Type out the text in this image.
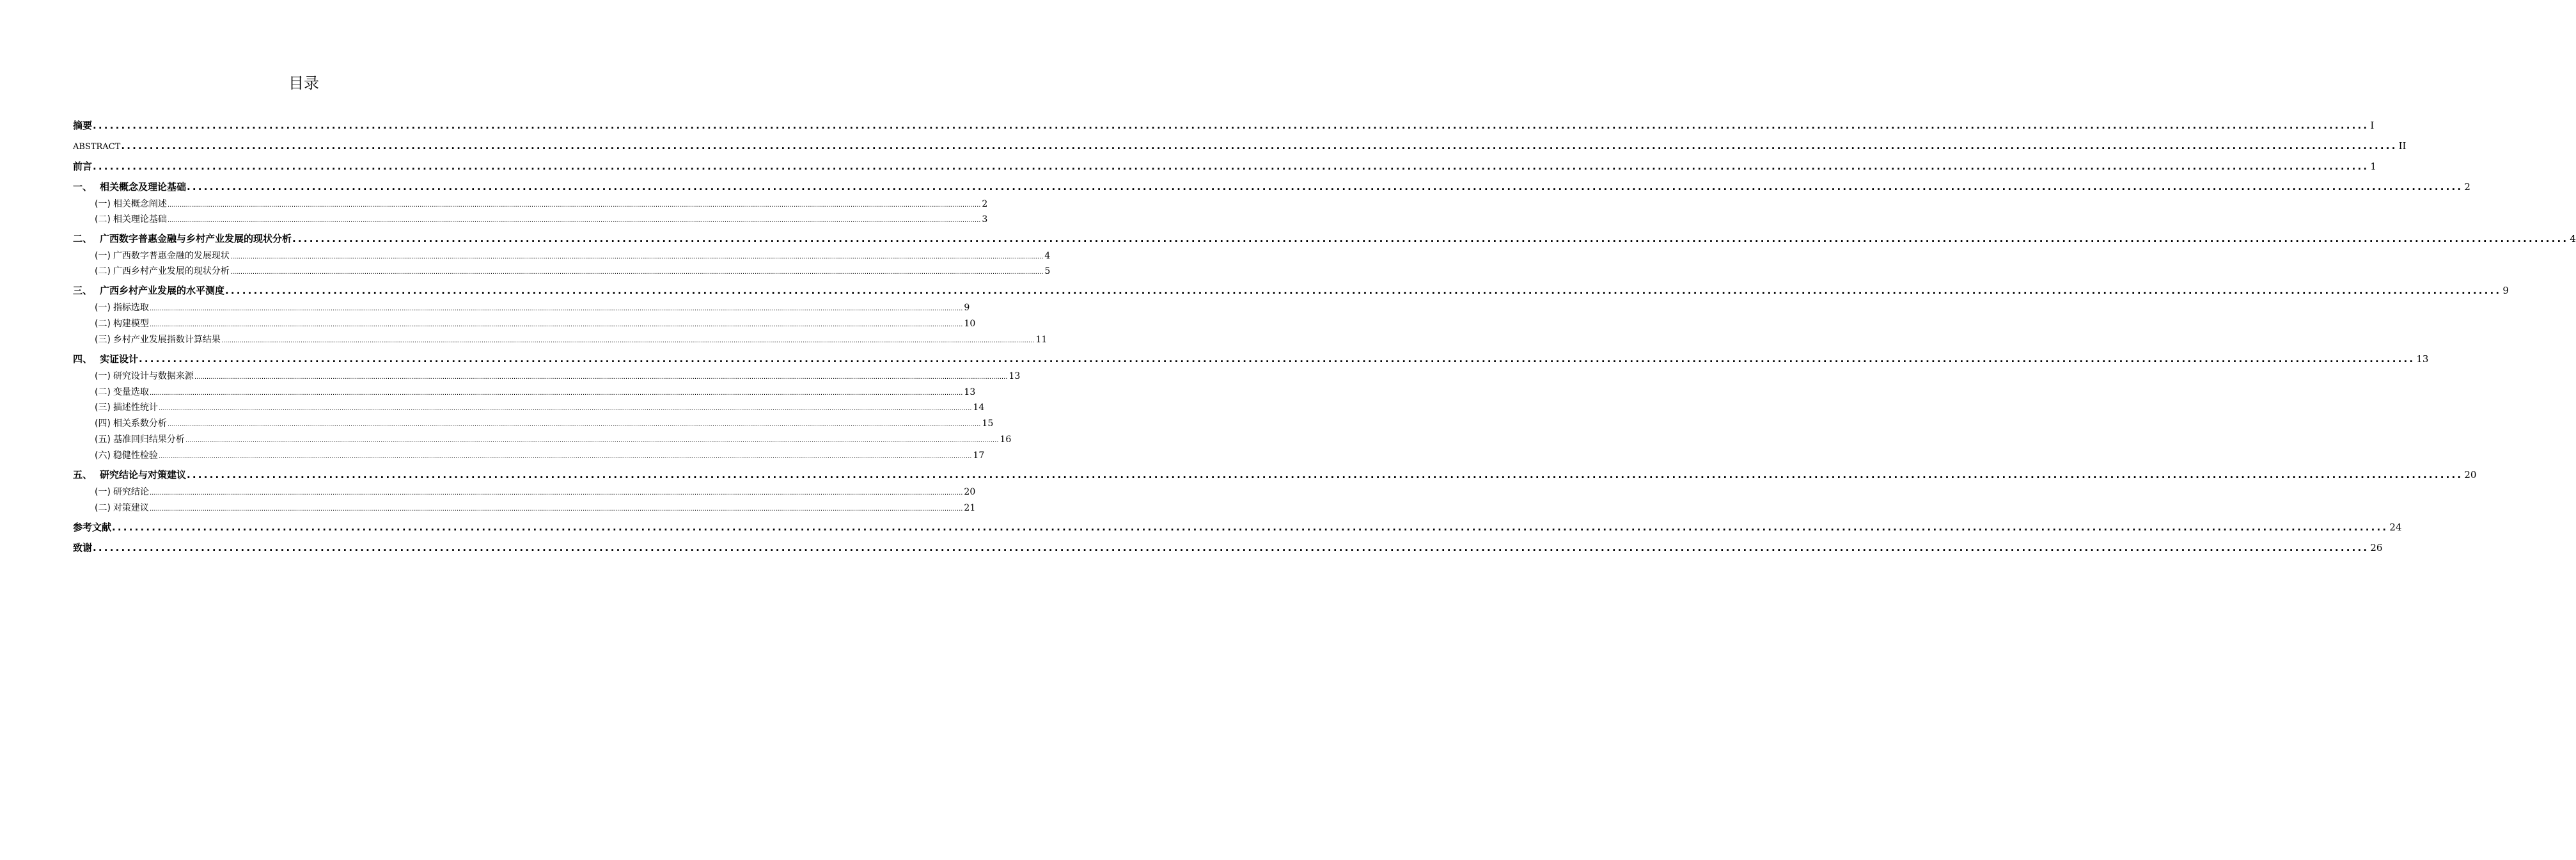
目录
摘要 ................................................................................................................................................................................................................................................................................................................................................................................................................ I
ABSTRACT ................................................................................................................................................................................................................................................................................................................................................................................................................ II
前言 ................................................................................................................................................................................................................................................................................................................................................................................................................ 1
一、 相关概念及理论基础 ................................................................................................................................................................................................................................................................................................................................................................................................................ 2
(一) 相关概念阐述 ................................................................................................................................................................................................................................................................................................................................................................................................................ 2
(二) 相关理论基础 ................................................................................................................................................................................................................................................................................................................................................................................................................ 3
二、 广西数字普惠金融与乡村产业发展的现状分析 ................................................................................................................................................................................................................................................................................................................................................................................................................ 4
(一) 广西数字普惠金融的发展现状 ................................................................................................................................................................................................................................................................................................................................................................................................................ 4
(二) 广西乡村产业发展的现状分析 ................................................................................................................................................................................................................................................................................................................................................................................................................ 5
三、 广西乡村产业发展的水平测度 ................................................................................................................................................................................................................................................................................................................................................................................................................ 9
(一) 指标选取 ................................................................................................................................................................................................................................................................................................................................................................................................................ 9
(二) 构建模型 ................................................................................................................................................................................................................................................................................................................................................................................................................ 10
(三) 乡村产业发展指数计算结果 ................................................................................................................................................................................................................................................................................................................................................................................................................ 11
四、 实证设计 ................................................................................................................................................................................................................................................................................................................................................................................................................ 13
(一) 研究设计与数据来源 ................................................................................................................................................................................................................................................................................................................................................................................................................ 13
(二) 变量选取 ................................................................................................................................................................................................................................................................................................................................................................................................................ 13
(三) 描述性统计 ................................................................................................................................................................................................................................................................................................................................................................................................................ 14
(四) 相关系数分析 ................................................................................................................................................................................................................................................................................................................................................................................................................ 15
(五) 基准回归结果分析 ................................................................................................................................................................................................................................................................................................................................................................................................................ 16
(六) 稳健性检验 ................................................................................................................................................................................................................................................................................................................................................................................................................ 17
五、 研究结论与对策建议 ................................................................................................................................................................................................................................................................................................................................................................................................................ 20
(一) 研究结论 ................................................................................................................................................................................................................................................................................................................................................................................................................ 20
(二) 对策建议 ................................................................................................................................................................................................................................................................................................................................................................................................................ 21
参考文献 ................................................................................................................................................................................................................................................................................................................................................................................................................ 24
致谢 ................................................................................................................................................................................................................................................................................................................................................................................................................ 26
